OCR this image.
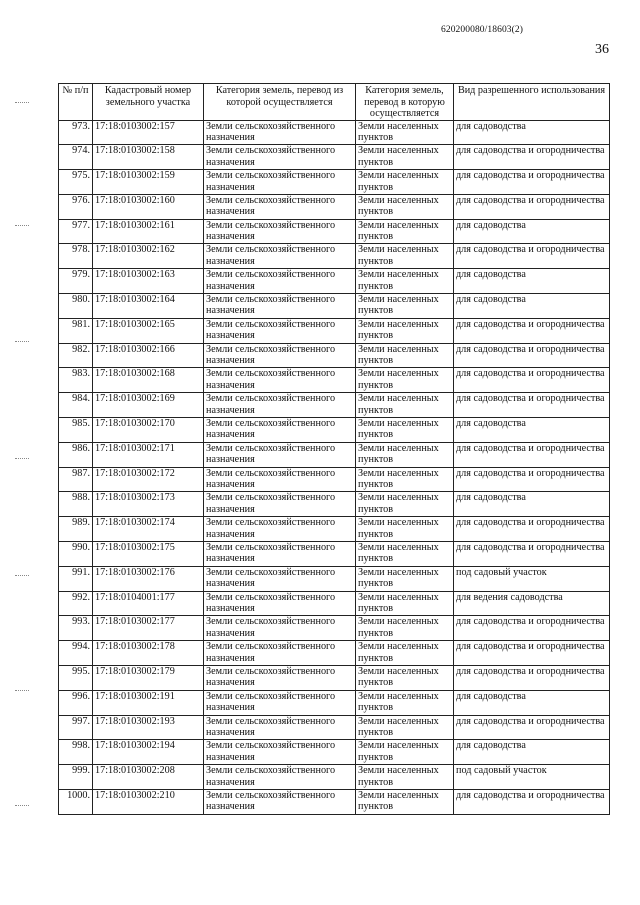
620200080/18603(2)
36
№ п/п	Кадастровый номер земельного участка	Категория земель, перевод из которой осуществляется	Категория земель, перевод в которую осуществляется	Вид разрешенного использования
973.	17:18:0103002:157	Земли сельскохозяйственного назначения	Земли населенных пунктов	для садоводства
974.	17:18:0103002:158	Земли сельскохозяйственного назначения	Земли населенных пунктов	для садоводства и огородничества
975.	17:18:0103002:159	Земли сельскохозяйственного назначения	Земли населенных пунктов	для садоводства и огородничества
976.	17:18:0103002:160	Земли сельскохозяйственного назначения	Земли населенных пунктов	для садоводства и огородничества
977.	17:18:0103002:161	Земли сельскохозяйственного назначения	Земли населенных пунктов	для садоводства
978.	17:18:0103002:162	Земли сельскохозяйственного назначения	Земли населенных пунктов	для садоводства и огородничества
979.	17:18:0103002:163	Земли сельскохозяйственного назначения	Земли населенных пунктов	для садоводства
980.	17:18:0103002:164	Земли сельскохозяйственного назначения	Земли населенных пунктов	для садоводства
981.	17:18:0103002:165	Земли сельскохозяйственного назначения	Земли населенных пунктов	для садоводства и огородничества
982.	17:18:0103002:166	Земли сельскохозяйственного назначения	Земли населенных пунктов	для садоводства и огородничества
983.	17:18:0103002:168	Земли сельскохозяйственного назначения	Земли населенных пунктов	для садоводства и огородничества
984.	17:18:0103002:169	Земли сельскохозяйственного назначения	Земли населенных пунктов	для садоводства и огородничества
985.	17:18:0103002:170	Земли сельскохозяйственного назначения	Земли населенных пунктов	для садоводства
986.	17:18:0103002:171	Земли сельскохозяйственного назначения	Земли населенных пунктов	для садоводства и огородничества
987.	17:18:0103002:172	Земли сельскохозяйственного назначения	Земли населенных пунктов	для садоводства и огородничества
988.	17:18:0103002:173	Земли сельскохозяйственного назначения	Земли населенных пунктов	для садоводства
989.	17:18:0103002:174	Земли сельскохозяйственного назначения	Земли населенных пунктов	для садоводства и огородничества
990.	17:18:0103002:175	Земли сельскохозяйственного назначения	Земли населенных пунктов	для садоводства и огородничества
991.	17:18:0103002:176	Земли сельскохозяйственного назначения	Земли населенных пунктов	под садовый участок
992.	17:18:0104001:177	Земли сельскохозяйственного назначения	Земли населенных пунктов	для ведения садоводства
993.	17:18:0103002:177	Земли сельскохозяйственного назначения	Земли населенных пунктов	для садоводства и огородничества
994.	17:18:0103002:178	Земли сельскохозяйственного назначения	Земли населенных пунктов	для садоводства и огородничества
995.	17:18:0103002:179	Земли сельскохозяйственного назначения	Земли населенных пунктов	для садоводства и огородничества
996.	17:18:0103002:191	Земли сельскохозяйственного назначения	Земли населенных пунктов	для садоводства
997.	17:18:0103002:193	Земли сельскохозяйственного назначения	Земли населенных пунктов	для садоводства и огородничества
998.	17:18:0103002:194	Земли сельскохозяйственного назначения	Земли населенных пунктов	для садоводства
999.	17:18:0103002:208	Земли сельскохозяйственного назначения	Земли населенных пунктов	под садовый участок
1000.	17:18:0103002:210	Земли сельскохозяйственного назначения	Земли населенных пунктов	для садоводства и огородничества
